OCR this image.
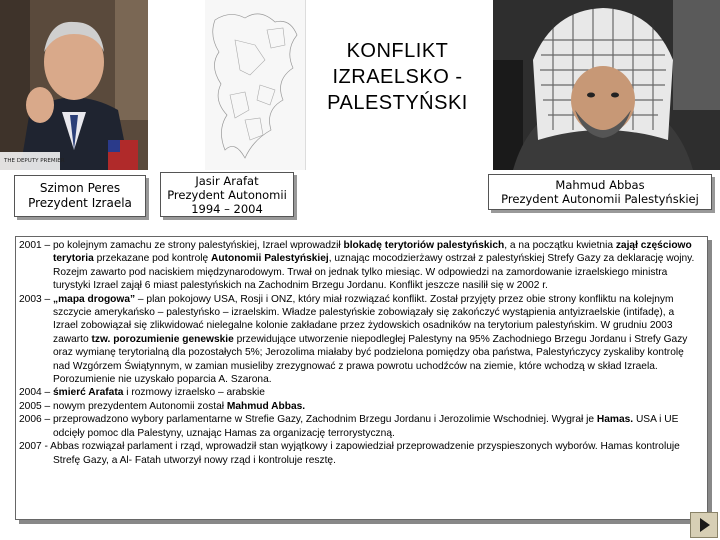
THE DEPUTY PREMIER
KONFLIKT IZRAELSKO - PALESTYŃSKI
Szimon Peres
Prezydent Izraela
Jasir Arafat
Prezydent Autonomii
1994 – 2004
Mahmud Abbas
Prezydent Autonomii Palestyńskiej

2001 – po kolejnym zamachu ze strony palestyńskiej, Izrael wprowadził blokadę terytoriów palestyńskich, a na początku kwietnia zajął częściowo terytoria przekazane pod kontrolę Autonomii Palestyńskiej, uznając mocodzierżawy ostrzał z palestyńskiej Strefy Gazy za deklarację wojny. Rozejm zawarto pod naciskiem międzynarodowym. Trwał on jednak tylko miesiąc. W odpowiedzi na zamordowanie izraelskiego ministra turystyki Izrael zajął 6 miast palestyńskich na Zachodnim Brzegu Jordanu. Konflikt jeszcze nasilił się w 2002 r.

2003 – „mapa drogowa” – plan pokojowy USA, Rosji i ONZ, który miał rozwiązać konflikt. Został przyjęty przez obie strony konfliktu na kolejnym szczycie amerykańsko – palestyńsko – izraelskim. Władze palestyńskie zobowiązały się zakończyć wystąpienia antyizraelskie (intifadę), a Izrael zobowiązał się zlikwidować nielegalne kolonie zakładane przez żydowskich osadników na terytorium palestyńskim. W grudniu 2003 zawarto tzw. porozumienie genewskie przewidujące utworzenie niepodległej Palestyny na 95% Zachodniego Brzegu Jordanu i Strefy Gazy oraz wymianę terytorialną dla pozostałych 5%; Jerozolima miałaby być podzielona pomiędzy oba państwa, Palestyńczycy zyskaliby kontrolę nad Wzgórzem Świątynnym, w zamian musieliby zrezygnować z prawa powrotu uchodźców na ziemie, które wchodzą w skład Izraela. Porozumienie nie uzyskało poparcia A. Szarona.

2004 – śmierć Arafata i rozmowy izraelsko – arabskie

2005 – nowym prezydentem Autonomii został Mahmud Abbas.

2006 – przeprowadzono wybory parlamentarne w Strefie Gazy, Zachodnim Brzegu Jordanu i Jerozolimie Wschodniej. Wygrał je Hamas. USA i UE odcięły pomoc dla Palestyny, uznając Hamas za organizację terrorystyczną.

2007 - Abbas rozwiązał parlament i rząd, wprowadził stan wyjątkowy i zapowiedział przeprowadzenie przyspieszonych wyborów. Hamas kontroluje Strefę Gazy, a Al- Fatah utworzył nowy rząd i kontroluje resztę.
